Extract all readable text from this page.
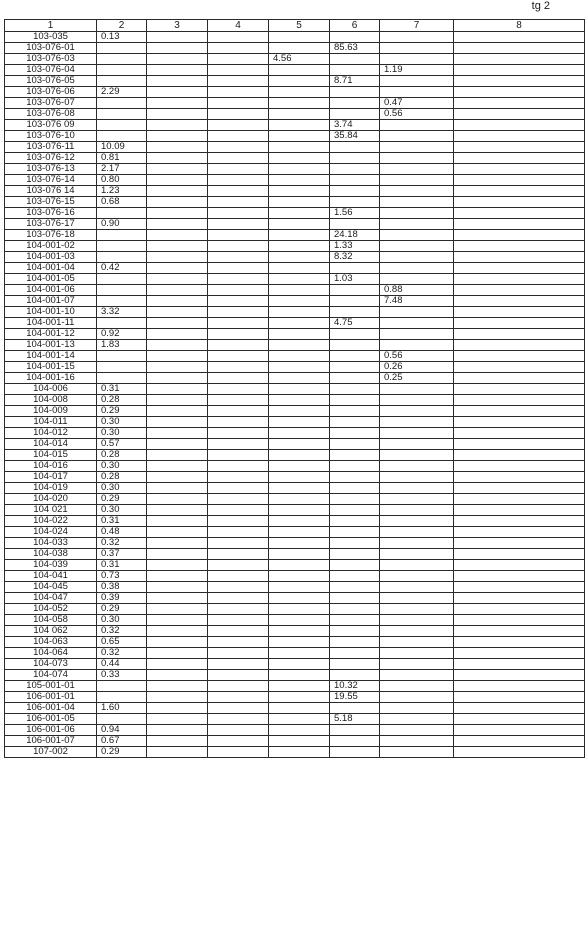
tg 2
1	2	3	4	5	6	7	8
103-035	0.13						
103-076-01					85.63		
103-076-03				4.56			
103-076-04						1.19	
103-076-05					8.71		
103-076-06	2.29						
103-076-07						0.47	
103-076-08						0.56	
103-076 09					3.74		
103-076-10					35.84		
103-076-11	10.09						
103-076-12	0.81						
103-076-13	2.17						
103-076-14	0.80						
103-076 14	1.23						
103-076-15	0.68						
103-076-16					1.56		
103-076-17	0.90						
103-076-18					24.18		
104-001-02					1.33		
104-001-03					8.32		
104-001-04	0.42						
104-001-05					1.03		
104-001-06						0.88	
104-001-07						7.48	
104-001-10	3.32						
104-001-11					4.75		
104-001-12	0.92						
104-001-13	1.83						
104-001-14						0.56	
104-001-15						0.26	
104-001-16						0.25	
104-006	0.31						
104-008	0.28						
104-009	0.29						
104-011	0.30						
104-012	0.30						
104-014	0.57						
104-015	0.28						
104-016	0.30						
104-017	0.28						
104-019	0.30						
104-020	0.29						
104 021	0.30						
104-022	0.31						
104-024	0.48						
104-033	0.32						
104-038	0.37						
104-039	0.31						
104-041	0.73						
104-045	0.38						
104-047	0.39						
104-052	0.29						
104-058	0.30						
104 062	0.32						
104-063	0.65						
104-064	0.32						
104-073	0.44						
104-074	0.33						
105-001-01					10.32		
106-001-01					19.55		
106-001-04	1.60						
106-001-05					5.18		
106-001-06	0.94						
106-001-07	0.67						
107-002	0.29						
